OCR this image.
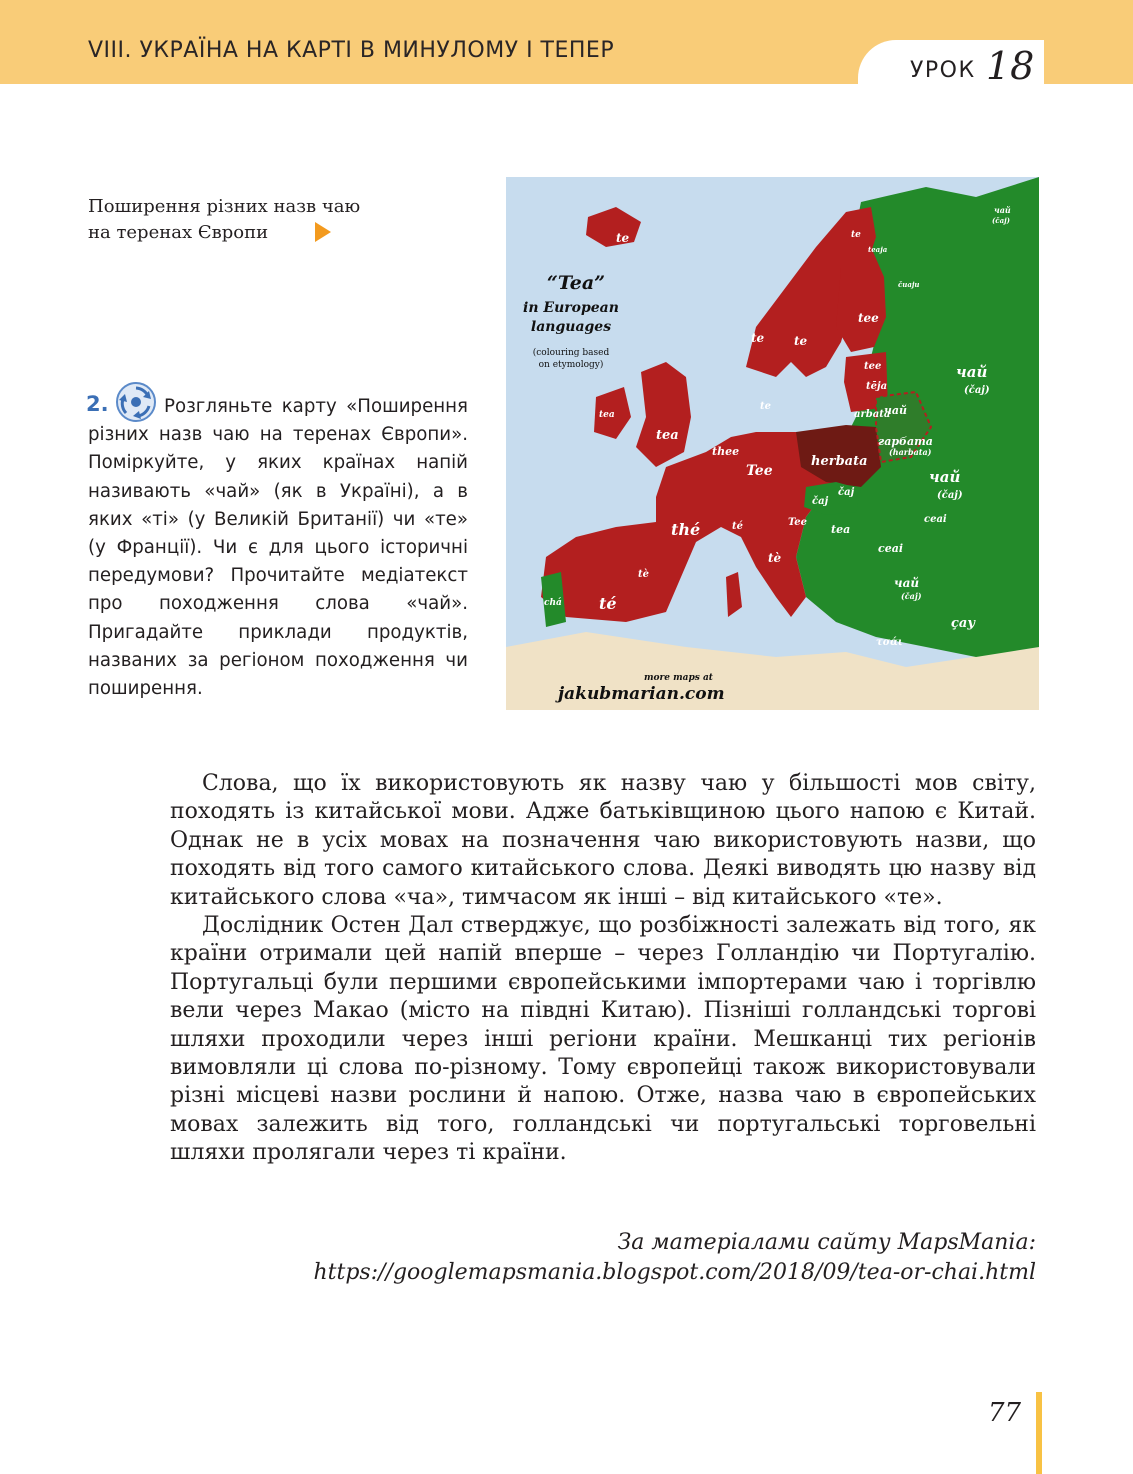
VIII. УКРАЇНА НА КАРТІ В МИНУЛОМУ І ТЕПЕР
УРОК 18
Поширення різних назв чаю
на теренах Європи
Розгляньте карту «Поширення різних назв чаю на теренах Європи». Поміркуйте, у яких країнах напій називають «чай» (як в Україні), а в яких «ті» (у Великій Британії) чи «те» (у Франції). Чи є для цього історичні передумови? Прочитайте медіатекст про походження слова «чай». Пригадайте приклади продуктів, названих за регіоном походження чи поширення.
2.
“Tea”
in European
languages
(colouring based
on etymology)
te	te
te te
tee
tee
tēja
arbata
te
tea
tea
thee
Tee
herbata
чай
гарбата
(harbata)
чай
(čaj)
чай
(čaj)
čaj
čaj
Tee
tea
ceai
ceai
thé	té
té
tè
tè
chá
чай
(čaj)
çay
τσάι
чай
(čaj)
teaja
čuaju
more maps at
jakubmarian.com

Слова, що їх використовують як назву чаю у більшості мов світу, походять із китайської мови. Адже батьківщиною цього напою є Китай. Однак не в усіх мовах на позначення чаю використовують назви, що походять від того самого китайського слова. Деякі виводять цю назву від китайського слова «ча», тимчасом як інші – від китайського «те».

Дослідник Остен Дал стверджує, що розбіжності залежать від того, як країни отримали цей напій вперше – через Голландію чи Португалію. Португальці були першими європейськими імпортерами чаю і торгівлю вели через Макао (місто на півдні Китаю). Пізніші голландські торгові шляхи проходили через інші регіони країни. Мешканці тих регіонів вимовляли ці слова по-різному. Тому європейці також використовували різні місцеві назви рослини й напою. Отже, назва чаю в європейських мовах залежить від того, голландські чи португальські торговельні шляхи пролягали через ті країни.

За матеріалами сайту MapsMania:
https://googlemapsmania.blogspot.com/2018/09/tea-or-chai.html
77
